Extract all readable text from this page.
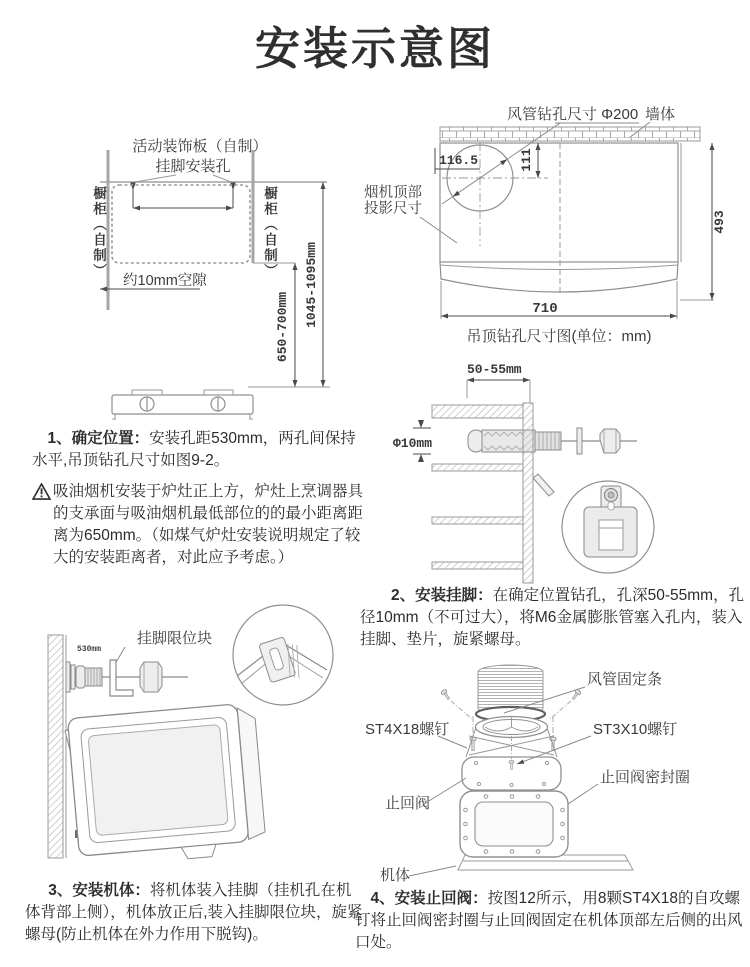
安装示意图
活动装饰板（自制）
挂脚安装孔
约10mm空隙
650-700mm 1045-1095mm
橱柜（自制）	橱柜（自制）
风管钻孔尺寸 Φ200 墙体
116.5	111
493
710
吊顶钻孔尺寸图(单位：mm)
烟机顶部
投影尺寸

1、确定位置：安装孔距530mm，两孔间保持水平,吊顶钻孔尺寸如图9-2。

吸油烟机安装于炉灶正上方，炉灶上烹调器具的支承面与吸油烟机最低部位的的最小距离距离为650mm。（如煤气炉灶安装说明规定了较大的安装距离者，对此应予考虑。）

50-55mm
Φ10mm

2、安装挂脚：在确定位置钻孔，孔深50-55mm，孔径10mm（不可过大），将M6金属膨胀管塞入孔内，装入挂脚、垫片，旋紧螺母。

挂脚限位块
530mm

3、安装机体：将机体装入挂脚（挂机孔在机体背部上侧），机体放正后,装入挂脚限位块，旋紧螺母(防止机体在外力作用下脱钩)。

风管固定条
ST4X18螺钉	ST3X10螺钉
止回阀
止回阀密封圈
机体

4、安装止回阀：按图12所示，用8颗ST4X18的自攻螺钉将止回阀密封圈与止回阀固定在机体顶部左后侧的出风口处。
